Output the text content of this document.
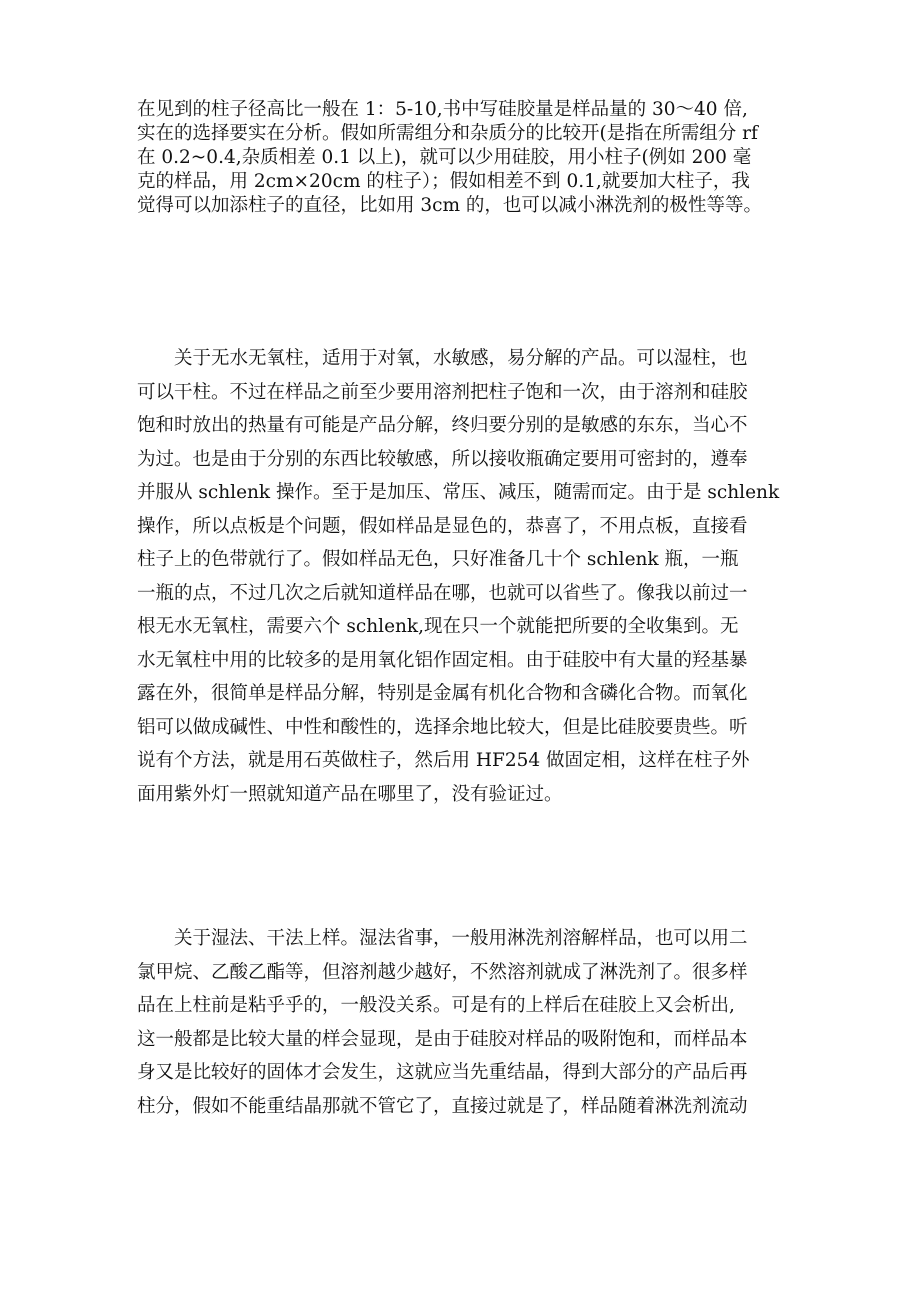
在见到的柱子径高比一般在 1：5-10,书中写硅胶量是样品量的 30～40 倍,
实在的选择要实在分析。假如所需组分和杂质分的比较开(是指在所需组分 rf
在 0.2~0.4,杂质相差 0.1 以上)，就可以少用硅胶，用小柱子(例如 200 毫
克的样品，用 2cm×20cm 的柱子）；假如相差不到 0.1,就要加大柱子，我
觉得可以加添柱子的直径，比如用 3cm 的，也可以减小淋洗剂的极性等等。

关于无水无氧柱，适用于对氧，水敏感，易分解的产品。可以湿柱，也
可以干柱。不过在样品之前至少要用溶剂把柱子饱和一次，由于溶剂和硅胶
饱和时放出的热量有可能是产品分解，终归要分别的是敏感的东东，当心不
为过。也是由于分别的东西比较敏感，所以接收瓶确定要用可密封的，遵奉
并服从 schlenk 操作。至于是加压、常压、减压，随需而定。由于是 schlenk
操作，所以点板是个问题，假如样品是显色的，恭喜了，不用点板，直接看
柱子上的色带就行了。假如样品无色，只好准备几十个 schlenk 瓶，一瓶
一瓶的点，不过几次之后就知道样品在哪，也就可以省些了。像我以前过一
根无水无氧柱，需要六个 schlenk,现在只一个就能把所要的全收集到。无
水无氧柱中用的比较多的是用氧化铝作固定相。由于硅胶中有大量的羟基暴
露在外，很简单是样品分解，特别是金属有机化合物和含磷化合物。而氧化
铝可以做成碱性、中性和酸性的，选择余地比较大，但是比硅胶要贵些。听
说有个方法，就是用石英做柱子，然后用 HF254 做固定相，这样在柱子外
面用紫外灯一照就知道产品在哪里了，没有验证过。

关于湿法、干法上样。湿法省事，一般用淋洗剂溶解样品，也可以用二
氯甲烷、乙酸乙酯等，但溶剂越少越好，不然溶剂就成了淋洗剂了。很多样
品在上柱前是粘乎乎的，一般没关系。可是有的上样后在硅胶上又会析出,
这一般都是比较大量的样会显现，是由于硅胶对样品的吸附饱和，而样品本
身又是比较好的固体才会发生，这就应当先重结晶，得到大部分的产品后再
柱分，假如不能重结晶那就不管它了，直接过就是了，样品随着淋洗剂流动
